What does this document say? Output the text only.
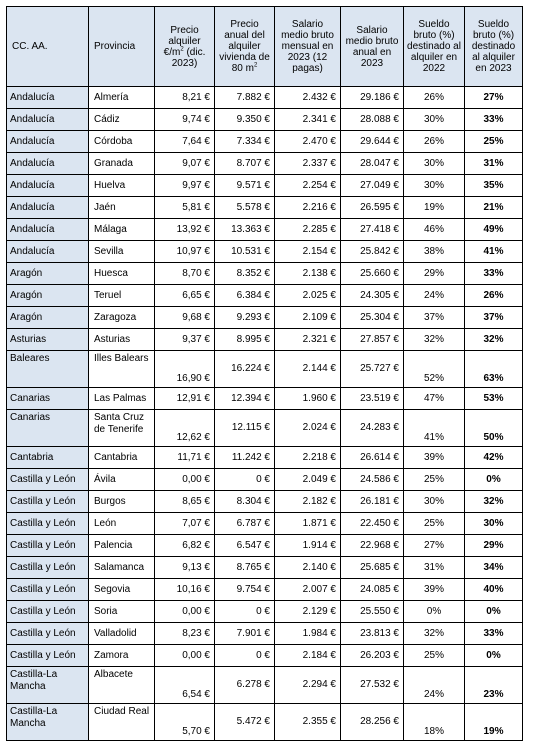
CC. AA.	Provincia	Precio alquiler $€/m^2$ (dic. 2023)	Precio anual del alquiler vivienda de 80 $m^2$	Salario medio bruto mensual en 2023 (12 pagas)	Salario medio bruto anual en 2023	Sueldo bruto (%) destinado al alquiler en 2022	Sueldo bruto (%) destinado al alquiler en 2023
Andalucía	Almería	8,21 €	7.882 €	2.432 €	29.186 €	26%	27%
Andalucía	Cádiz	9,74 €	9.350 €	2.341 €	28.088 €	30%	33%
Andalucía	Córdoba	7,64 €	7.334 €	2.470 €	29.644 €	26%	25%
Andalucía	Granada	9,07 €	8.707 €	2.337 €	28.047 €	30%	31%
Andalucía	Huelva	9,97 €	9.571 €	2.254 €	27.049 €	30%	35%
Andalucía	Jaén	5,81 €	5.578 €	2.216 €	26.595 €	19%	21%
Andalucía	Málaga	13,92 €	13.363 €	2.285 €	27.418 €	46%	49%
Andalucía	Sevilla	10,97 €	10.531 €	2.154 €	25.842 €	38%	41%
Aragón	Huesca	8,70 €	8.352 €	2.138 €	25.660 €	29%	33%
Aragón	Teruel	6,65 €	6.384 €	2.025 €	24.305 €	24%	26%
Aragón	Zaragoza	9,68 €	9.293 €	2.109 €	25.304 €	37%	37%
Asturias	Asturias	9,37 €	8.995 €	2.321 €	27.857 €	32%	32%
Baleares	Illes Balears	16,90 €	16.224 €	2.144 €	25.727 €	52%	63%
Canarias	Las Palmas	12,91 €	12.394 €	1.960 €	23.519 €	47%	53%
Canarias	Santa Cruz de Tenerife	12,62 €	12.115 €	2.024 €	24.283 €	41%	50%
Cantabria	Cantabria	11,71 €	11.242 €	2.218 €	26.614 €	39%	42%
Castilla y León	Ávila	0,00 €	0 €	2.049 €	24.586 €	25%	0%
Castilla y León	Burgos	8,65 €	8.304 €	2.182 €	26.181 €	30%	32%
Castilla y León	León	7,07 €	6.787 €	1.871 €	22.450 €	25%	30%
Castilla y León	Palencia	6,82 €	6.547 €	1.914 €	22.968 €	27%	29%
Castilla y León	Salamanca	9,13 €	8.765 €	2.140 €	25.685 €	31%	34%
Castilla y León	Segovia	10,16 €	9.754 €	2.007 €	24.085 €	39%	40%
Castilla y León	Soria	0,00 €	0 €	2.129 €	25.550 €	0%	0%
Castilla y León	Valladolid	8,23 €	7.901 €	1.984 €	23.813 €	32%	33%
Castilla y León	Zamora	0,00 €	0 €	2.184 €	26.203 €	25%	0%
Castilla-La Mancha	Albacete	6,54 €	6.278 €	2.294 €	27.532 €	24%	23%
Castilla-La Mancha	Ciudad Real	5,70 €	5.472 €	2.355 €	28.256 €	18%	19%
